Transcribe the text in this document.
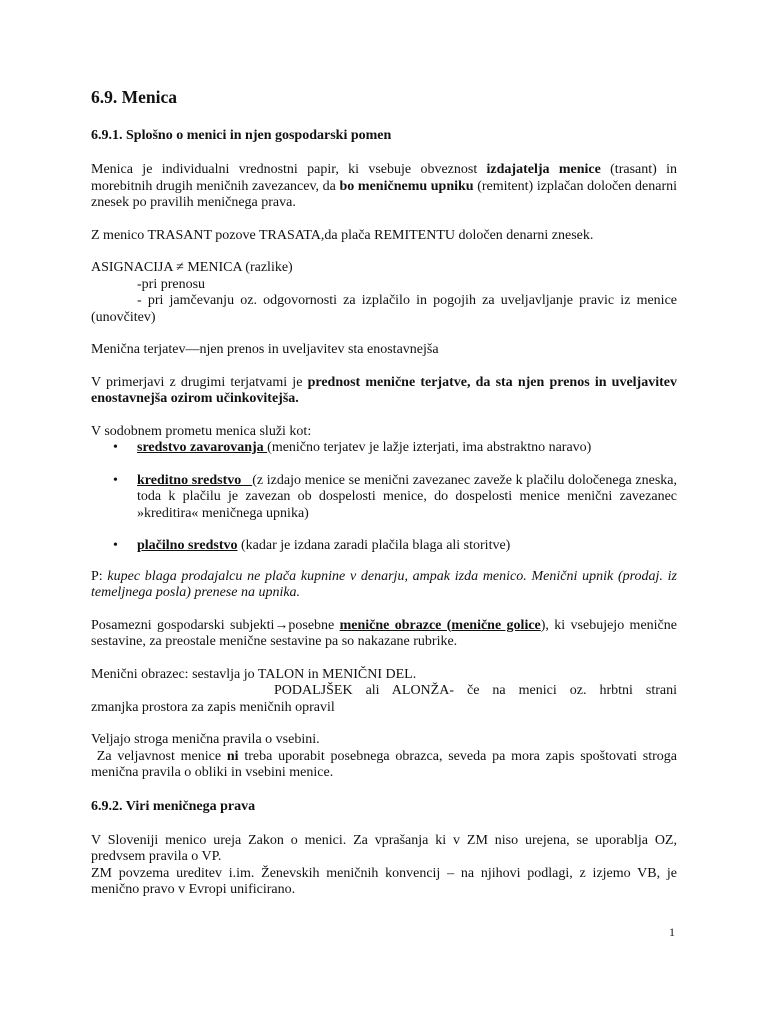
6.9. Menica
6.9.1. Splošno o menici in njen gospodarski pomen

Menica je individualni vrednostni papir, ki vsebuje obveznost izdajatelja menice (trasant) in morebitnih drugih meničnih zavezancev, da bo meničnemu upniku (remitent) izplačan določen denarni znesek po pravilih meničnega prava.

Z menico TRASANT pozove TRASATA,da plača REMITENTU določen denarni znesek.

ASIGNACIJA ≠ MENICA (razlike)

-pri prenosu

- pri jamčevanju oz. odgovornosti za izplačilo in pogojih za uveljavljanje pravic iz menice (unovčitev)

Menična terjatev—njen prenos in uveljavitev sta enostavnejša

V primerjavi z drugimi terjatvami je prednost menične terjatve, da sta njen prenos in uveljavitev enostavnejša ozirom učinkovitejša.

V sodobnem prometu menica služi kot:

• sredstvo zavarovanja (menično terjatev je lažje izterjati, ima abstraktno naravo)
• kreditno sredstvo   (z izdajo menice se menični zavezanec zaveže k plačilu določenega zneska, toda k plačilu je zavezan ob dospelosti menice, do dospelosti menice menični zavezanec »kreditira« meničnega upnika)
• plačilno sredstvo (kadar je izdana zaradi plačila blaga ali storitve)

P: kupec blaga prodajalcu ne plača kupnine v denarju, ampak izda menico. Menični upnik (prodaj. iz temeljnega posla) prenese na upnika.

Posamezni gospodarski subjekti→posebne menične obrazce (menične golice), ki vsebujejo menične sestavine, za preostale menične sestavine pa so nakazane rubrike.

Menični obrazec: sestavlja jo TALON in MENIČNI DEL.

PODALJŠEK ali ALONŽA- če na menici oz. hrbtni strani

zmanjka prostora za zapis meničnih opravil

Veljajo stroga menična pravila o vsebini.

Za veljavnost menice ni treba uporabit posebnega obrazca, seveda pa mora zapis spoštovati stroga menična pravila o obliki in vsebini menice.

6.9.2. Viri meničnega prava

V Sloveniji menico ureja Zakon o menici. Za vprašanja ki v ZM niso urejena, se uporablja OZ, predvsem pravila o VP.

ZM povzema ureditev i.im. Ženevskih meničnih konvencij – na njihovi podlagi, z izjemo VB, je menično pravo v Evropi unificirano.

1
